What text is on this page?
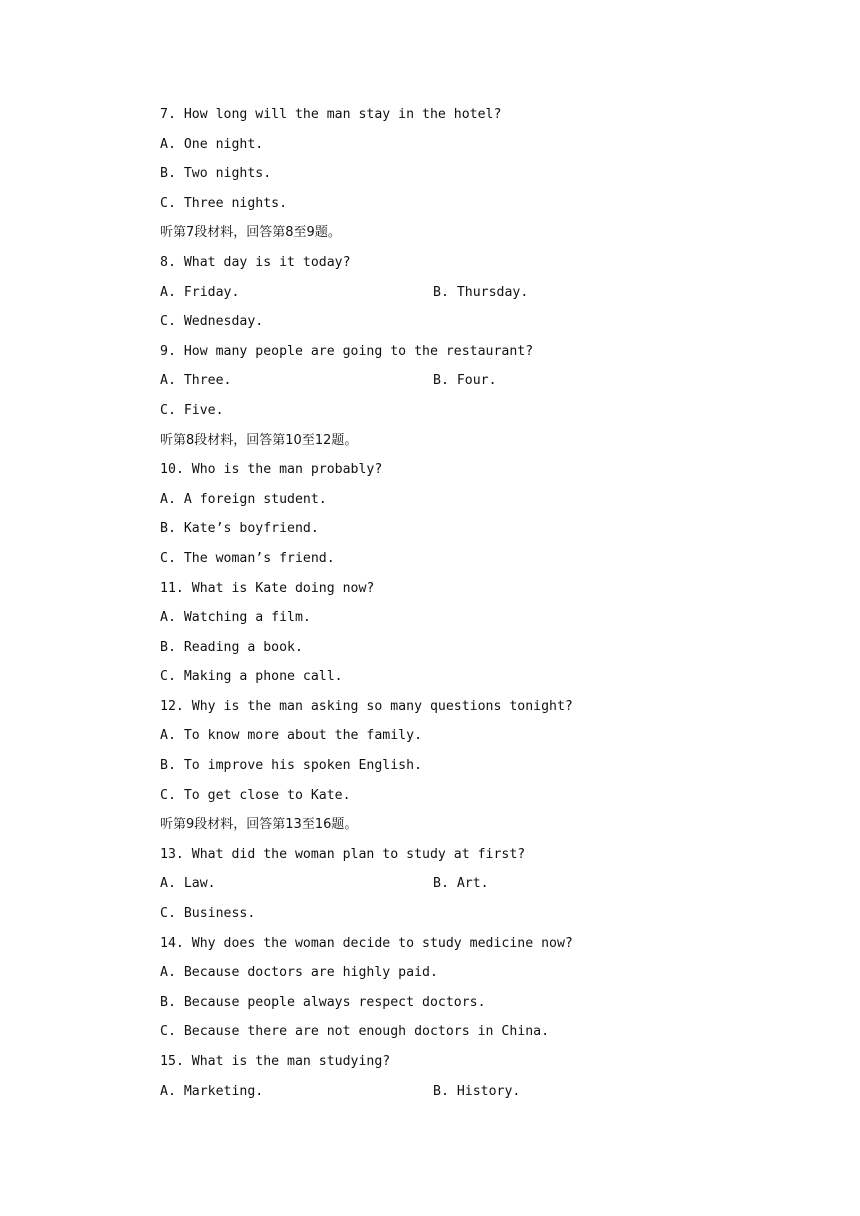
7. How long will the man stay in the hotel?
A. One night.
B. Two nights.
C. Three nights.
听第7段材料，回答第8至9题。
8. What day is it today?
A. Friday.	B. Thursday.
C. Wednesday.
9. How many people are going to the restaurant?
A. Three.	B. Four.
C. Five.
听第8段材料，回答第10至12题。
10. Who is the man probably?
A. A foreign student.
B. Kate’s boyfriend.
C. The woman’s friend.
11. What is Kate doing now?
A. Watching a film.
B. Reading a book.
C. Making a phone call.
12. Why is the man asking so many questions tonight?
A. To know more about the family.
B. To improve his spoken English.
C. To get close to Kate.
听第9段材料，回答第13至16题。
13. What did the woman plan to study at first?
A. Law.	B. Art.
C. Business.
14. Why does the woman decide to study medicine now?
A. Because doctors are highly paid.
B. Because people always respect doctors.
C. Because there are not enough doctors in China.
15. What is the man studying?
A. Marketing.	B. History.
